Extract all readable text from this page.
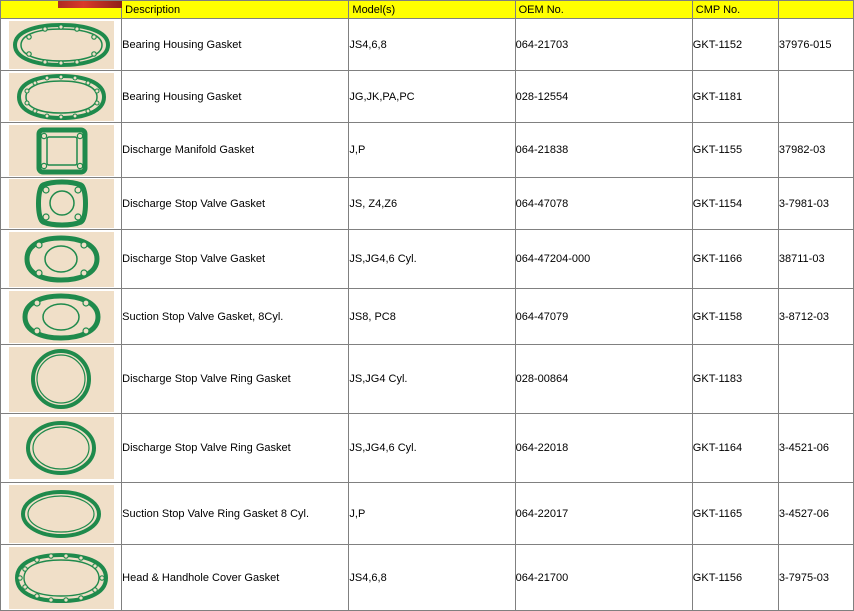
	Description	Model(s)	OEM No.	CMP No.	

	Bearing Housing Gasket	JS4,6,8	064-21703	GKT-1152	37976-015

	Bearing Housing Gasket	JG,JK,PA,PC	028-12554	GKT-1181	

	Discharge Manifold Gasket	J,P	064-21838	GKT-1155	37982-03

	Discharge Stop Valve Gasket	JS, Z4,Z6	064-47078	GKT-1154	3-7981-03

	Discharge Stop Valve Gasket	JS,JG4,6 Cyl.	064-47204-000	GKT-1166	38711-03

	Suction Stop Valve Gasket, 8Cyl.	JS8, PC8	064-47079	GKT-1158	3-8712-03

	Discharge Stop Valve Ring Gasket	JS,JG4 Cyl.	028-00864	GKT-1183	

	Discharge Stop Valve Ring Gasket	JS,JG4,6 Cyl.	064-22018	GKT-1164	3-4521-06

	Suction Stop Valve Ring Gasket 8 Cyl.	J,P	064-22017	GKT-1165	3-4527-06

	Head & Handhole Cover Gasket	JS4,6,8	064-21700	GKT-1156	3-7975-03
